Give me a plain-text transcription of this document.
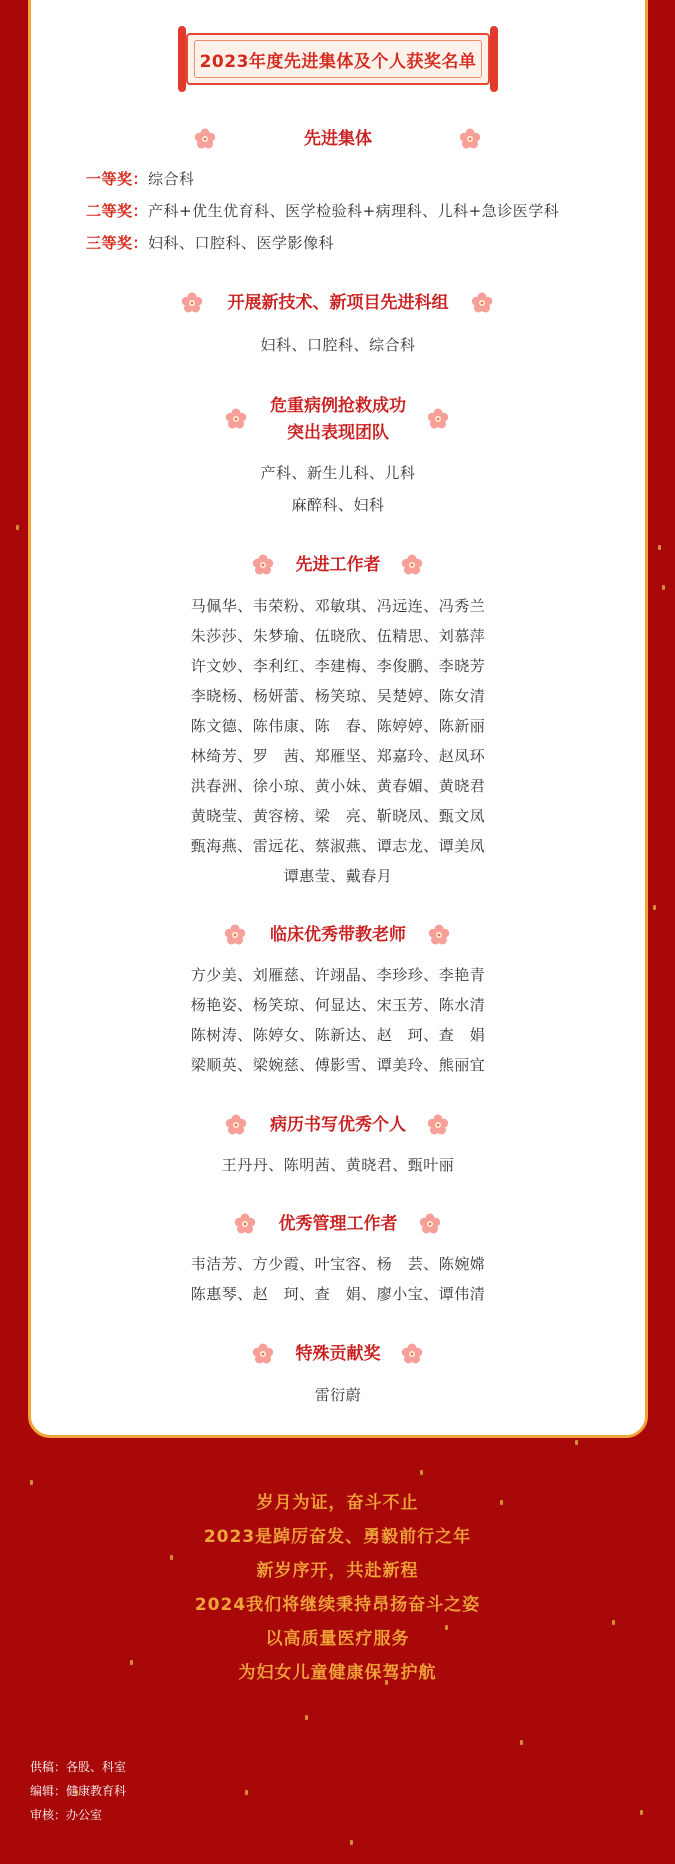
2023年度先进集体及个人获奖名单
先进集体
一等奖：综合科
二等奖：产科+优生优育科、医学检验科+病理科、儿科+急诊医学科
三等奖：妇科、口腔科、医学影像科
开展新技术、新项目先进科组
妇科、口腔科、综合科
危重病例抢救成功
突出表现团队
产科、新生儿科、儿科
麻醉科、妇科
先进工作者
马佩华、韦荣粉、邓敏琪、冯远连、冯秀兰
朱莎莎、朱梦瑜、伍晓欣、伍精思、刘慕萍
许文妙、李利红、李建梅、李俊鹏、李晓芳
李晓杨、杨妍蕾、杨笑琼、吴楚婷、陈女清
陈文德、陈伟康、陈　春、陈婷婷、陈新丽
林绮芳、罗　茜、郑雁坚、郑嘉玲、赵凤环
洪春洲、徐小琼、黄小妹、黄春媚、黄晓君
黄晓莹、黄容榜、梁　亮、靳晓凤、甄文凤
甄海燕、雷远花、蔡淑燕、谭志龙、谭美凤
谭惠莹、戴春月
临床优秀带教老师
方少美、刘雁慈、许翊晶、李珍珍、李艳青
杨艳姿、杨笑琼、何显达、宋玉芳、陈水清
陈树涛、陈婷女、陈新达、赵　珂、查　娟
梁顺英、梁婉慈、傅影雪、谭美玲、熊丽宜
病历书写优秀个人
王丹丹、陈明茜、黄晓君、甄叶丽
优秀管理工作者
韦洁芳、方少霞、叶宝容、杨　芸、陈婉嫦
陈惠琴、赵　珂、查　娟、廖小宝、谭伟清
特殊贡献奖
雷衍蔚
岁月为证，奋斗不止
2023是踔厉奋发、勇毅前行之年
新岁序开，共赴新程
2024我们将继续秉持昂扬奋斗之姿
以高质量医疗服务
为妇女儿童健康保驾护航
供稿：各股、科室
编辑：健康教育科
审核：办公室
